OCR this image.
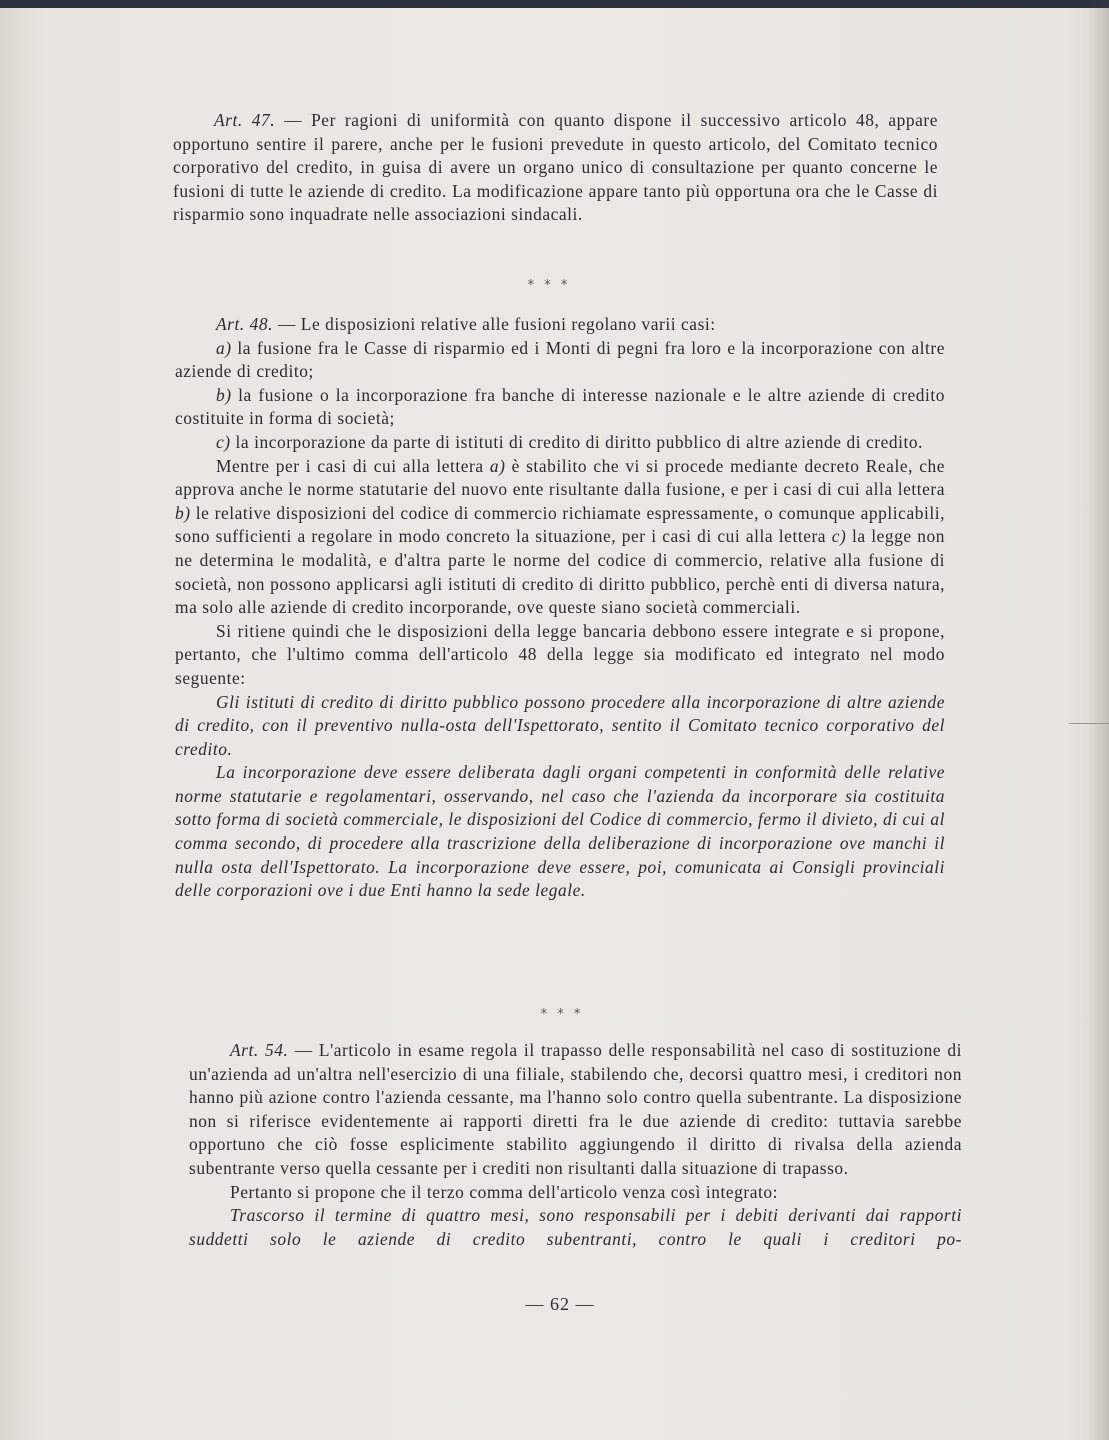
Art. 47. — Per ragioni di uniformità con quanto dispone il successivo articolo 48, appare opportuno sentire il parere, anche per le fusioni prevedute in questo articolo, del Comitato tecnico corporativo del credito, in guisa di avere un organo unico di consultazione per quanto concerne le fusioni di tutte le aziende di credito. La modificazione appare tanto più opportuna ora che le Casse di risparmio sono inquadrate nelle associazioni sindacali.

* * *

Art. 48. — Le disposizioni relative alle fusioni regolano varii casi:

a) la fusione fra le Casse di risparmio ed i Monti di pegni fra loro e la incorporazione con altre aziende di credito;

b) la fusione o la incorporazione fra banche di interesse nazionale e le altre aziende di credito costituite in forma di società;

c) la incorporazione da parte di istituti di credito di diritto pubblico di altre aziende di credito.

Mentre per i casi di cui alla lettera a) è stabilito che vi si procede mediante decreto Reale, che approva anche le norme statutarie del nuovo ente risultante dalla fusione, e per i casi di cui alla lettera b) le relative disposizioni del codice di commercio richiamate espressamente, o comunque applicabili, sono sufficienti a regolare in modo concreto la situazione, per i casi di cui alla lettera c) la legge non ne determina le modalità, e d'altra parte le norme del codice di commercio, relative alla fusione di società, non possono applicarsi agli istituti di credito di diritto pubblico, perchè enti di diversa natura, ma solo alle aziende di credito incorporande, ove queste siano società commerciali.

Si ritiene quindi che le disposizioni della legge bancaria debbono essere integrate e si propone, pertanto, che l'ultimo comma dell'articolo 48 della legge sia modificato ed integrato nel modo seguente:

Gli istituti di credito di diritto pubblico possono procedere alla incorporazione di altre aziende di credito, con il preventivo nulla-osta dell'Ispettorato, sentito il Comitato tecnico corporativo del credito.

La incorporazione deve essere deliberata dagli organi competenti in conformità delle relative norme statutarie e regolamentari, osservando, nel caso che l'azienda da incorporare sia costituita sotto forma di società commerciale, le disposizioni del Codice di commercio, fermo il divieto, di cui al comma secondo, di procedere alla trascrizione della deliberazione di incorporazione ove manchi il nulla osta dell'Ispettorato. La incorporazione deve essere, poi, comunicata ai Consigli provinciali delle corporazioni ove i due Enti hanno la sede legale.

* * *

Art. 54. — L'articolo in esame regola il trapasso delle responsabilità nel caso di sostituzione di un'azienda ad un'altra nell'esercizio di una filiale, stabilendo che, decorsi quattro mesi, i creditori non hanno più azione contro l'azienda cessante, ma l'hanno solo contro quella subentrante. La disposizione non si riferisce evidentemente ai rapporti diretti fra le due aziende di credito: tuttavia sarebbe opportuno che ciò fosse esplicimente stabilito aggiungendo il diritto di rivalsa della azienda subentrante verso quella cessante per i crediti non risultanti dalla situazione di trapasso.

Pertanto si propone che il terzo comma dell'articolo venza così integrato:

Trascorso il termine di quattro mesi, sono responsabili per i debiti derivanti dai rapporti suddetti solo le aziende di credito subentranti, contro le quali i creditori po-

— 62 —
